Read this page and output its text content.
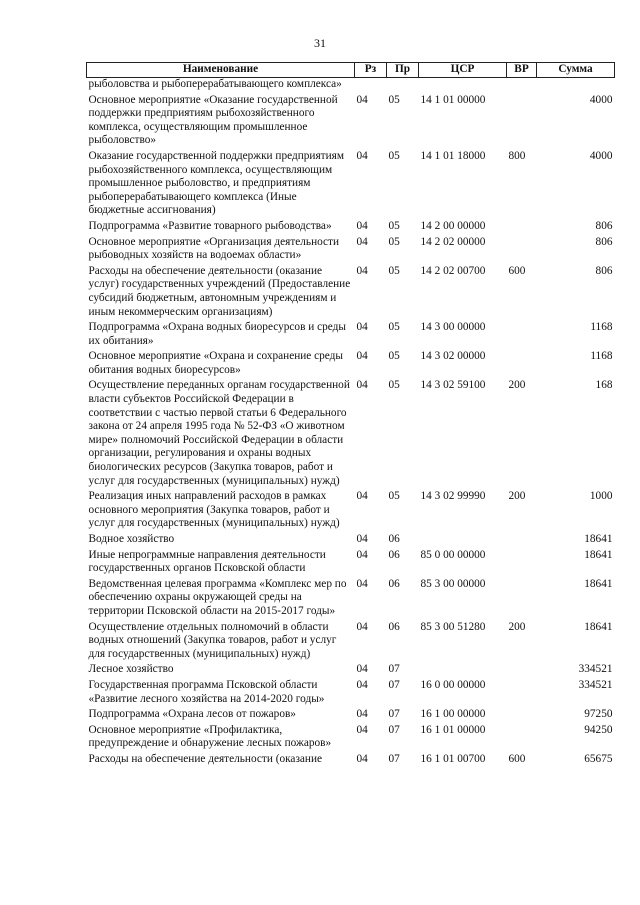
31
Наименование	Рз	Пр	ЦСР	ВР	Сумма
рыболовства и рыбоперерабатывающего комплекса»					
Основное мероприятие «Оказание государственной поддержки предприятиям рыбохозяйственного комплекса, осуществляющим промышленное рыболовство»	04	05	14 1 01 00000		4000
Оказание государственной поддержки предприятиям рыбохозяйственного комплекса, осуществляющим промышленное рыболовство, и предприятиям рыбоперерабатывающего комплекса (Иные бюджетные ассигнования)	04	05	14 1 01 18000	800	4000
Подпрограмма «Развитие товарного рыбоводства»	04	05	14 2 00 00000		806
Основное мероприятие «Организация деятельности рыбоводных хозяйств на водоемах области»	04	05	14 2 02 00000		806
Расходы на обеспечение деятельности (оказание услуг) государственных учреждений (Предоставление субсидий бюджетным, автономным учреждениям и иным некоммерческим организациям)	04	05	14 2 02 00700	600	806
Подпрограмма «Охрана водных биоресурсов и среды их обитания»	04	05	14 3 00 00000		1168
Основное мероприятие «Охрана и сохранение среды обитания водных биоресурсов»	04	05	14 3 02 00000		1168
Осуществление переданных органам государственной власти субъектов Российской Федерации в соответствии с частью первой статьи 6 Федерального закона от 24 апреля 1995 года № 52-ФЗ «О животном мире» полномочий Российской Федерации в области организации, регулирования и охраны водных биологических ресурсов (Закупка товаров, работ и услуг для государственных (муниципальных) нужд)	04	05	14 3 02 59100	200	168
Реализация иных направлений расходов в рамках основного мероприятия (Закупка товаров, работ и услуг для государственных (муниципальных) нужд)	04	05	14 3 02 99990	200	1000
Водное хозяйство	04	06			18641
Иные непрограммные направления деятельности государственных органов Псковской области	04	06	85 0 00 00000		18641
Ведомственная целевая программа «Комплекс мер по обеспечению охраны окружающей среды на территории Псковской области на 2015-2017 годы»	04	06	85 3 00 00000		18641
Осуществление отдельных полномочий в области водных отношений (Закупка товаров, работ и услуг для государственных (муниципальных) нужд)	04	06	85 3 00 51280	200	18641
Лесное хозяйство	04	07			334521
Государственная программа Псковской области «Развитие лесного хозяйства на 2014-2020 годы»	04	07	16 0 00 00000		334521
Подпрограмма «Охрана лесов от пожаров»	04	07	16 1 00 00000		97250
Основное мероприятие «Профилактика, предупреждение и обнаружение лесных пожаров»	04	07	16 1 01 00000		94250
Расходы на обеспечение деятельности (оказание	04	07	16 1 01 00700	600	65675
